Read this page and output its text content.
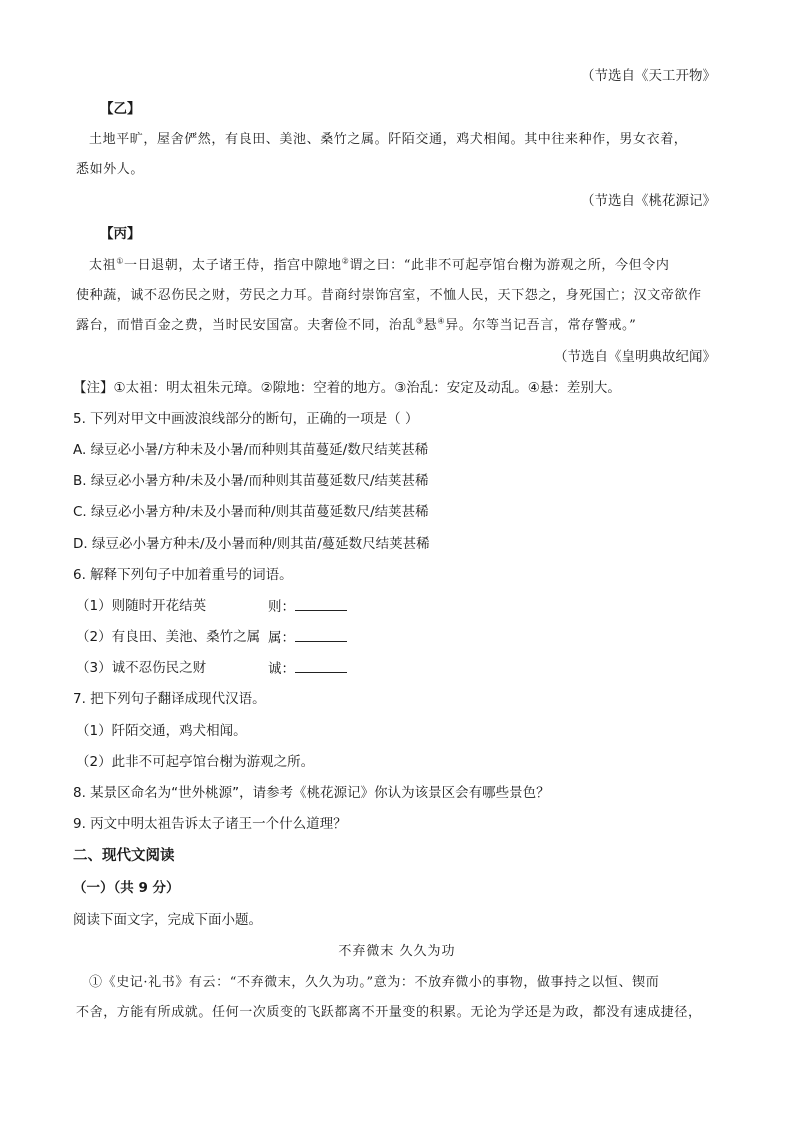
（节选自《天工开物》
【乙】
土地平旷，屋舍俨然，有良田、美池、桑竹之属。阡陌交通，鸡犬相闻。其中往来种作，男女衣着，
悉如外人。
（节选自《桃花源记》
【丙】
太祖①一日退朝，太子诸王侍，指宫中隙地②谓之曰：“此非不可起亭馆台榭为游观之所，今但令内
使种蔬，诚不忍伤民之财，劳民之力耳。昔商纣崇饰宫室，不恤人民，天下怨之，身死国亡；汉文帝欲作
露台，而惜百金之费，当时民安国富。夫奢俭不同，治乱③悬④异。尔等当记吾言，常存警戒。”
（节选自《皇明典故纪闻》
【注】①太祖：明太祖朱元璋。②隙地：空着的地方。③治乱：安定及动乱。④悬：差别大。
5. 下列对甲文中画波浪线部分的断句，正确的一项是（ ）
A. 绿豆必小暑/方种未及小暑/而种则其苗蔓延/数尺结荚甚稀
B. 绿豆必小暑方种/未及小暑/而种则其苗蔓延数尺/结荚甚稀
C. 绿豆必小暑方种/未及小暑而种/则其苗蔓延数尺/结荚甚稀
D. 绿豆必小暑方种未/及小暑而种/则其苗/蔓延数尺结荚甚稀
6. 解释下列句子中加着重号的词语。
（1）则随时开花结英	则：
（2）有良田、美池、桑竹之属 属：
（3）诚不忍伤民之财	诚：
7. 把下列句子翻译成现代汉语。
（1）阡陌交通，鸡犬相闻。
（2）此非不可起亭馆台榭为游观之所。
8. 某景区命名为“世外桃源”，请参考《桃花源记》你认为该景区会有哪些景色？
9. 丙文中明太祖告诉太子诸王一个什么道理？
二、现代文阅读
（一）（共 9 分）
阅读下面文字，完成下面小题。
不弃微末 久久为功
①《史记·礼书》有云：“不弃微末，久久为功。”意为：不放弃微小的事物，做事持之以恒、锲而
不舍，方能有所成就。任何一次质变的飞跃都离不开量变的积累。无论为学还是为政，都没有速成捷径，
